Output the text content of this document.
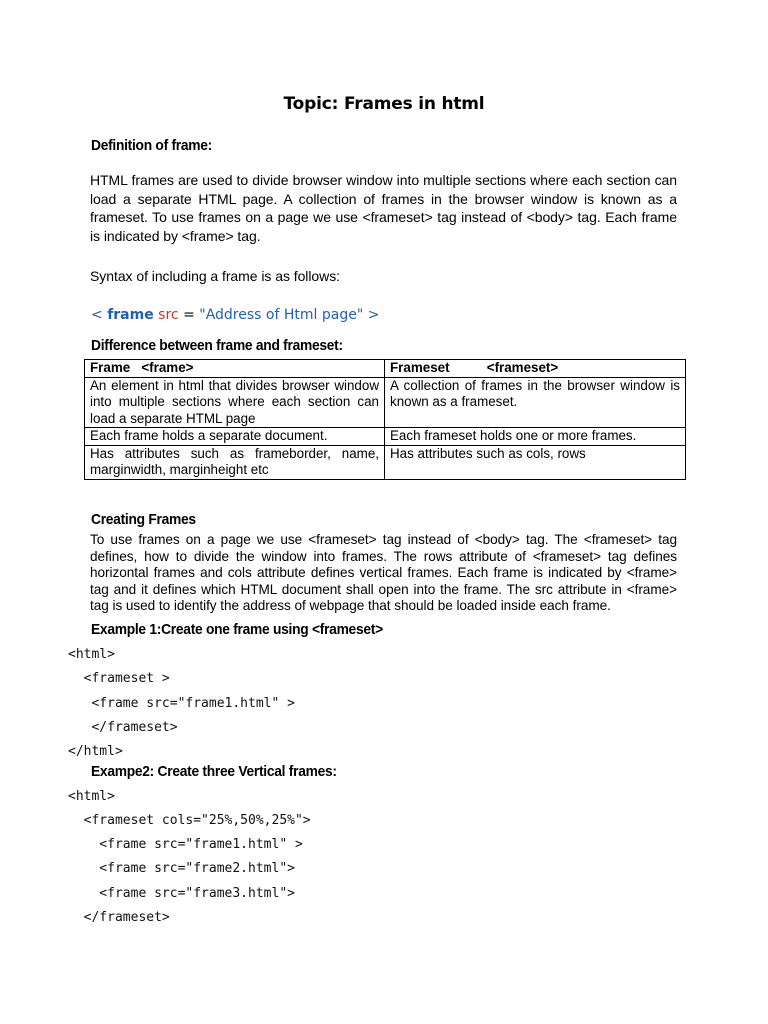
Topic: Frames in html
Definition of frame:
HTML frames are used to divide browser window into multiple sections where each section can load a separate HTML page. A collection of frames in the browser window is known as a frameset. To use frames on a page we use <frameset> tag instead of <body> tag. Each frame is indicated by <frame> tag.
Syntax of including a frame is as follows:
< frame src = "Address of Html page" >
Difference between frame and frameset:
Frame   <frame>	Frameset          <frameset>
An element in html that divides browser window into multiple sections where each section can load a separate HTML page	A collection of frames in the browser window is known as a frameset.
Each frame holds a separate document.	Each frameset holds one or more frames.
Has attributes such as frameborder, name, marginwidth, marginheight etc	Has attributes such as cols, rows
Creating Frames
To use frames on a page we use <frameset> tag instead of <body> tag. The <frameset> tag defines, how to divide the window into frames. The rows attribute of <frameset> tag defines horizontal frames and cols attribute defines vertical frames. Each frame is indicated by <frame> tag and it defines which HTML document shall open into the frame. The src attribute in <frame> tag is used to identify the address of webpage that should be loaded inside each frame.
Example 1:Create one frame using <frameset>
<html>
<frameset >
<frame src="frame1.html" >
</frameset>
</html>
Exampe2: Create three Vertical frames:
<html>
<frameset cols="25%,50%,25%">
<frame src="frame1.html" >
<frame src="frame2.html">
<frame src="frame3.html">
</frameset>
